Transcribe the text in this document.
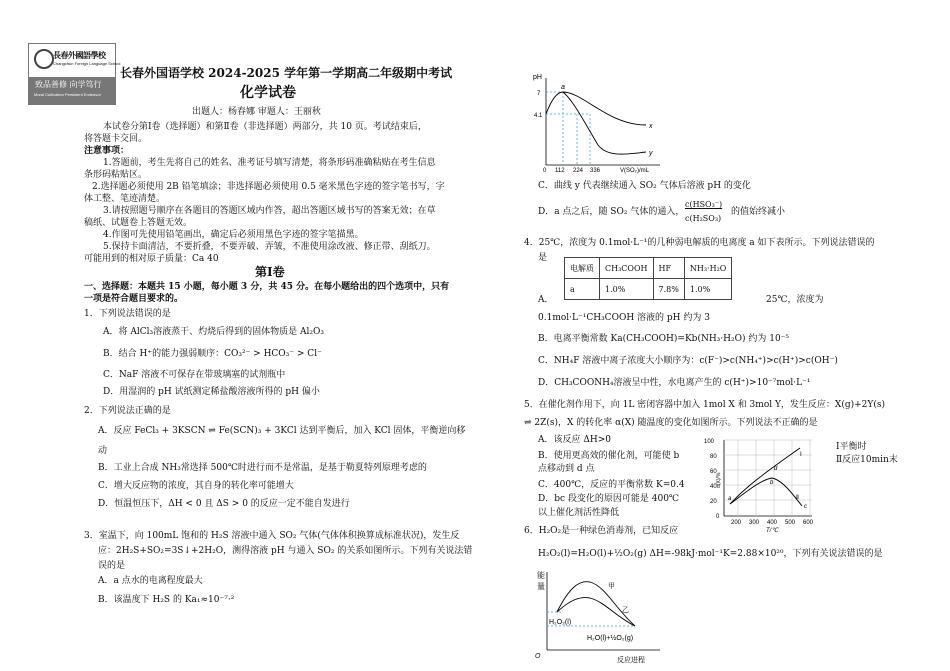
長春外國語學校
Changchun Foreign Language School
致品善修 向学笃行
Moral Cultivation Persistent Endeavor
长春外国语学校 2024-2025 学年第一学期高二年级期中考试
化学试卷
出题人：杨春娜 审题人：王丽秋
本试卷分第Ⅰ卷（选择题）和第Ⅱ卷（非选择题）两部分，共 10 页。考试结束后，
将答题卡交回。
注意事项：
1.答题前，考生先将自己的姓名、准考证号填写清楚，将条形码准确粘贴在考生信息
条形码粘贴区。
2.选择题必须使用 2B 铅笔填涂；非选择题必须使用 0.5 毫米黑色字迹的签字笔书写，字
体工整、笔迹清楚。
3.请按照题号顺序在各题目的答题区域内作答，超出答题区域书写的答案无效；在草
稿纸、试题卷上答题无效。
4.作图可先使用铅笔画出，确定后必须用黑色字迹的签字笔描黑。
5.保持卡面清洁，不要折叠，不要弄破、弄皱，不准使用涂改液、修正带、刮纸刀。
可能用到的相对原子质量：Ca 40
第Ⅰ卷
一、选择题：本题共 15 小题，每小题 3 分，共 45 分。在每小题给出的四个选项中，只有
一项是符合题目要求的。
1．下列说法错误的是
A．将 AlCl₃溶液蒸干、灼烧后得到的固体物质是 Al₂O₃
B．结合 H⁺的能力强弱顺序：CO₃²⁻ > HCO₃⁻ > Cl⁻
C．NaF 溶液不可保存在带玻璃塞的试剂瓶中
D．用湿润的 pH 试纸测定稀盐酸溶液所得的 pH 偏小
2．下列说法正确的是
A．反应 FeCl₃ + 3KSCN ⇌ Fe(SCN)₃ + 3KCl 达到平衡后，加入 KCl 固体，平衡逆向移
动
B．工业上合成 NH₃常选择 500℃时进行而不是常温，是基于勒夏特列原理考虑的
C．增大反应物的浓度，其自身的转化率可能增大
D．恒温恒压下，ΔH < 0 且 ΔS > 0 的反应一定不能自发进行
3．室温下，向 100mL 饱和的 H₂S 溶液中通入 SO₂ 气体(气体体积换算成标准状况)，发生反
应：2H₂S+SO₂=3S↓+2H₂O，测得溶液 pH 与通入 SO₂ 的关系如图所示。下列有关说法错
误的是
A．a 点水的电离程度最大
B．该温度下 H₂S 的 Ka₁≈10⁻⁷·²
pH
V(SO₂)/mL
7
4.1
0 112 224 336
a
x
y
C．曲线 y 代表继续通入 SO₂ 气体后溶液 pH 的变化
D．a 点之后，随 SO₂ 气体的通入，
c(HSO₃⁻)
c(H₂SO₃)
的值始终减小
4．25℃，浓度为 0.1mol·L⁻¹的几种弱电解质的电离度 a 如下表所示。下列说法错误的
是
电解质	CH₃COOH	HF	NH₃·H₂O
a	1.0%	7.8%	1.0%
A．	25℃，浓度为
0.1mol·L⁻¹CH₃COOH 溶液的 pH 约为 3
B．电离平衡常数 Ka(CH₃COOH)=Kb(NH₃·H₂O) 约为 10⁻⁵
C．NH₄F 溶液中离子浓度大小顺序为：c(F⁻)>c(NH₄⁺)>c(H⁺)>c(OH⁻)
D．CH₃COONH₄溶液呈中性，水电离产生的 c(H⁺)>10⁻⁷mol·L⁻¹
5．在催化剂作用下，向 1L 密闭容器中加入 1mol X 和 3mol Y，发生反应：X(g)+2Y(s)
⇌ 2Z(s)，X 的转化率 α(X) 随温度的变化如图所示。下列说法不正确的是
A．该反应 ΔH>0
B．使用更高效的催化剂，可能使 b
点移动到 d 点
C．400℃，反应的平衡常数 K=0.4
D．bc 段变化的原因可能是 400℃
以上催化剂活性降低
100
80
60
40
20
0
α(X)/%
200 300 400 500 600
T/℃
a
b
c
d
Ⅰ
Ⅱ
Ⅰ平衡时
Ⅱ反应10min末
6．H₂O₂是一种绿色消毒剂，已知反应
H₂O₂(l)=H₂O(l)+½O₂(g) ΔH=-98kJ·mol⁻¹K=2.88×10²⁰，下列有关说法错误的是
能
量
O
反应进程
甲
乙
H₂O₂(l)
H₂O(l)+½O₂(g)
